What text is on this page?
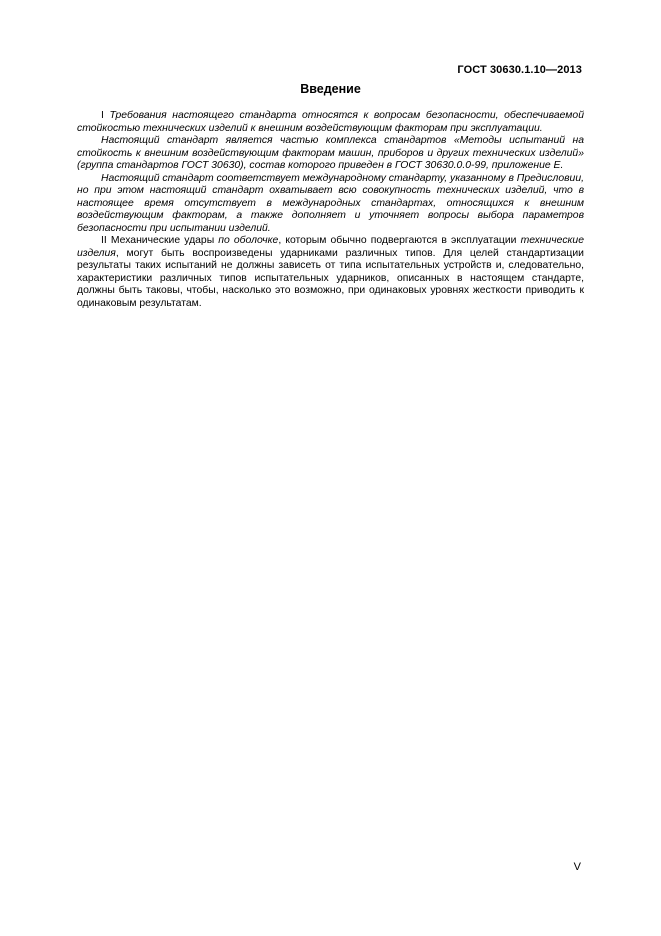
ГОСТ 30630.1.10—2013
Введение

I Требования настоящего стандарта относятся к вопросам безопасности, обеспечиваемой стойкостью технических изделий к внешним воздействующим факторам при эксплуатации.

Настоящий стандарт является частью комплекса стандартов «Методы испытаний на стойкость к внешним воздействующим факторам машин, приборов и других технических изделий» (группа стандартов ГОСТ 30630), состав которого приведен в ГОСТ 30630.0.0-99, приложение Е.

Настоящий стандарт соответствует международному стандарту, указанному в Предисловии, но при этом настоящий стандарт охватывает всю совокупность технических изделий, что в настоящее время отсутствует в международных стандартах, относящихся к внешним воздействующим факторам, а также дополняет и уточняет вопросы выбора параметров безопасности при испытании изделий.

II Механические удары по оболочке, которым обычно подвергаются в эксплуатации технические изделия, могут быть воспроизведены ударниками различных типов. Для целей стандартизации результаты таких испытаний не должны зависеть от типа испытательных устройств и, следовательно, характеристики различных типов испытательных ударников, описанных в настоящем стандарте, должны быть таковы, чтобы, насколько это возможно, при одинаковых уровнях жесткости приводить к одинаковым результатам.

V
